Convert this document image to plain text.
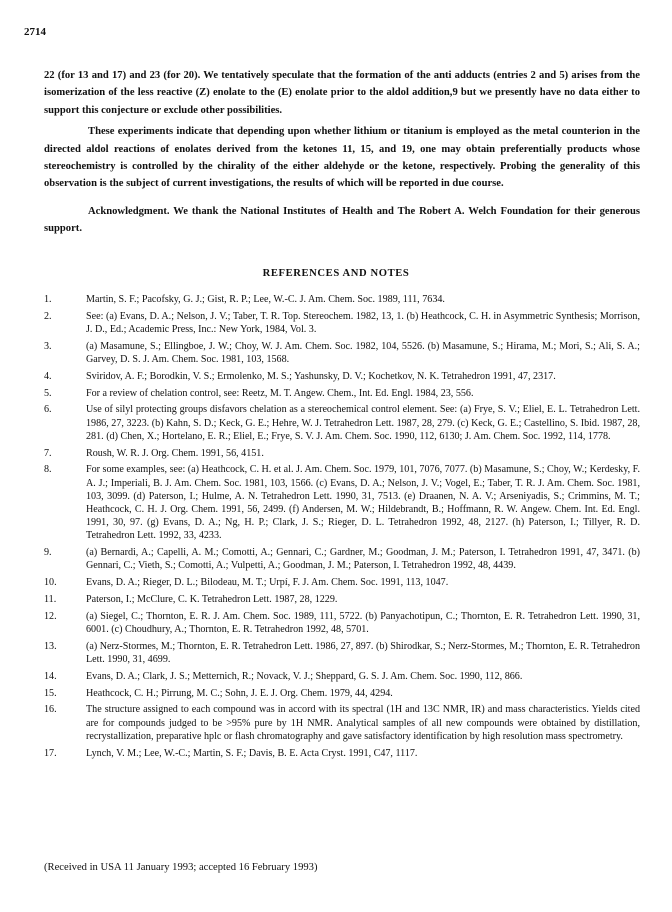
2714

22 (for 13 and 17) and 23 (for 20). We tentatively speculate that the formation of the anti adducts (entries 2 and 5) arises from the isomerization of the less reactive (Z) enolate to the (E) enolate prior to the aldol addition,9 but we presently have no data either to support this conjecture or exclude other possibilities.

These experiments indicate that depending upon whether lithium or titanium is employed as the metal counterion in the directed aldol reactions of enolates derived from the ketones 11, 15, and 19, one may obtain preferentially products whose stereochemistry is controlled by the chirality of the either aldehyde or the ketone, respectively. Probing the generality of this observation is the subject of current investigations, the results of which will be reported in due course.

Acknowledgment. We thank the National Institutes of Health and The Robert A. Welch Foundation for their generous support.

REFERENCES AND NOTES
1.	Martin, S. F.; Pacofsky, G. J.; Gist, R. P.; Lee, W.-C. J. Am. Chem. Soc. 1989, 111, 7634.
2.	See: (a) Evans, D. A.; Nelson, J. V.; Taber, T. R. Top. Stereochem. 1982, 13, 1. (b) Heathcock, C. H. in Asymmetric Synthesis; Morrison, J. D., Ed.; Academic Press, Inc.: New York, 1984, Vol. 3.
3.	(a) Masamune, S.; Ellingboe, J. W.; Choy, W. J. Am. Chem. Soc. 1982, 104, 5526. (b) Masamune, S.; Hirama, M.; Mori, S.; Ali, S. A.; Garvey, D. S. J. Am. Chem. Soc. 1981, 103, 1568.
4.	Sviridov, A. F.; Borodkin, V. S.; Ermolenko, M. S.; Yashunsky, D. V.; Kochetkov, N. K. Tetrahedron 1991, 47, 2317.
5.	For a review of chelation control, see: Reetz, M. T. Angew. Chem., Int. Ed. Engl. 1984, 23, 556.
6.	Use of silyl protecting groups disfavors chelation as a stereochemical control element. See: (a) Frye, S. V.; Eliel, E. L. Tetrahedron Lett. 1986, 27, 3223. (b) Kahn, S. D.; Keck, G. E.; Hehre, W. J. Tetrahedron Lett. 1987, 28, 279. (c) Keck, G. E.; Castellino, S. Ibid. 1987, 28, 281. (d) Chen, X.; Hortelano, E. R.; Eliel, E.; Frye, S. V. J. Am. Chem. Soc. 1990, 112, 6130; J. Am. Chem. Soc. 1992, 114, 1778.
7.	Roush, W. R. J. Org. Chem. 1991, 56, 4151.
8.	For some examples, see: (a) Heathcock, C. H. et al. J. Am. Chem. Soc. 1979, 101, 7076, 7077. (b) Masamune, S.; Choy, W.; Kerdesky, F. A. J.; Imperiali, B. J. Am. Chem. Soc. 1981, 103, 1566. (c) Evans, D. A.; Nelson, J. V.; Vogel, E.; Taber, T. R. J. Am. Chem. Soc. 1981, 103, 3099. (d) Paterson, I.; Hulme, A. N. Tetrahedron Lett. 1990, 31, 7513. (e) Draanen, N. A. V.; Arseniyadis, S.; Crimmins, M. T.; Heathcock, C. H. J. Org. Chem. 1991, 56, 2499. (f) Andersen, M. W.; Hildebrandt, B.; Hoffmann, R. W. Angew. Chem. Int. Ed. Engl. 1991, 30, 97. (g) Evans, D. A.; Ng, H. P.; Clark, J. S.; Rieger, D. L. Tetrahedron 1992, 48, 2127. (h) Paterson, I.; Tillyer, R. D. Tetrahedron Lett. 1992, 33, 4233.
9.	(a) Bernardi, A.; Capelli, A. M.; Comotti, A.; Gennari, C.; Gardner, M.; Goodman, J. M.; Paterson, I. Tetrahedron 1991, 47, 3471. (b) Gennari, C.; Vieth, S.; Comotti, A.; Vulpetti, A.; Goodman, J. M.; Paterson, I. Tetrahedron 1992, 48, 4439.
10.	Evans, D. A.; Rieger, D. L.; Bilodeau, M. T.; Urpí, F. J. Am. Chem. Soc. 1991, 113, 1047.
11.	Paterson, I.; McClure, C. K. Tetrahedron Lett. 1987, 28, 1229.
12.	(a) Siegel, C.; Thornton, E. R. J. Am. Chem. Soc. 1989, 111, 5722. (b) Panyachotipun, C.; Thornton, E. R. Tetrahedron Lett. 1990, 31, 6001. (c) Choudhury, A.; Thornton, E. R. Tetrahedron 1992, 48, 5701.
13.	(a) Nerz-Stormes, M.; Thornton, E. R. Tetrahedron Lett. 1986, 27, 897. (b) Shirodkar, S.; Nerz-Stormes, M.; Thornton, E. R. Tetrahedron Lett. 1990, 31, 4699.
14.	Evans, D. A.; Clark, J. S.; Metternich, R.; Novack, V. J.; Sheppard, G. S. J. Am. Chem. Soc. 1990, 112, 866.
15.	Heathcock, C. H.; Pirrung, M. C.; Sohn, J. E. J. Org. Chem. 1979, 44, 4294.
16.	The structure assigned to each compound was in accord with its spectral (1H and 13C NMR, IR) and mass characteristics. Yields cited are for compounds judged to be >95% pure by 1H NMR. Analytical samples of all new compounds were obtained by distillation, recrystallization, preparative hplc or flash chromatography and gave satisfactory identification by high resolution mass spectrometry.
17.	Lynch, V. M.; Lee, W.-C.; Martin, S. F.; Davis, B. E. Acta Cryst. 1991, C47, 1117.

(Received in USA 11 January 1993; accepted 16 February 1993)
